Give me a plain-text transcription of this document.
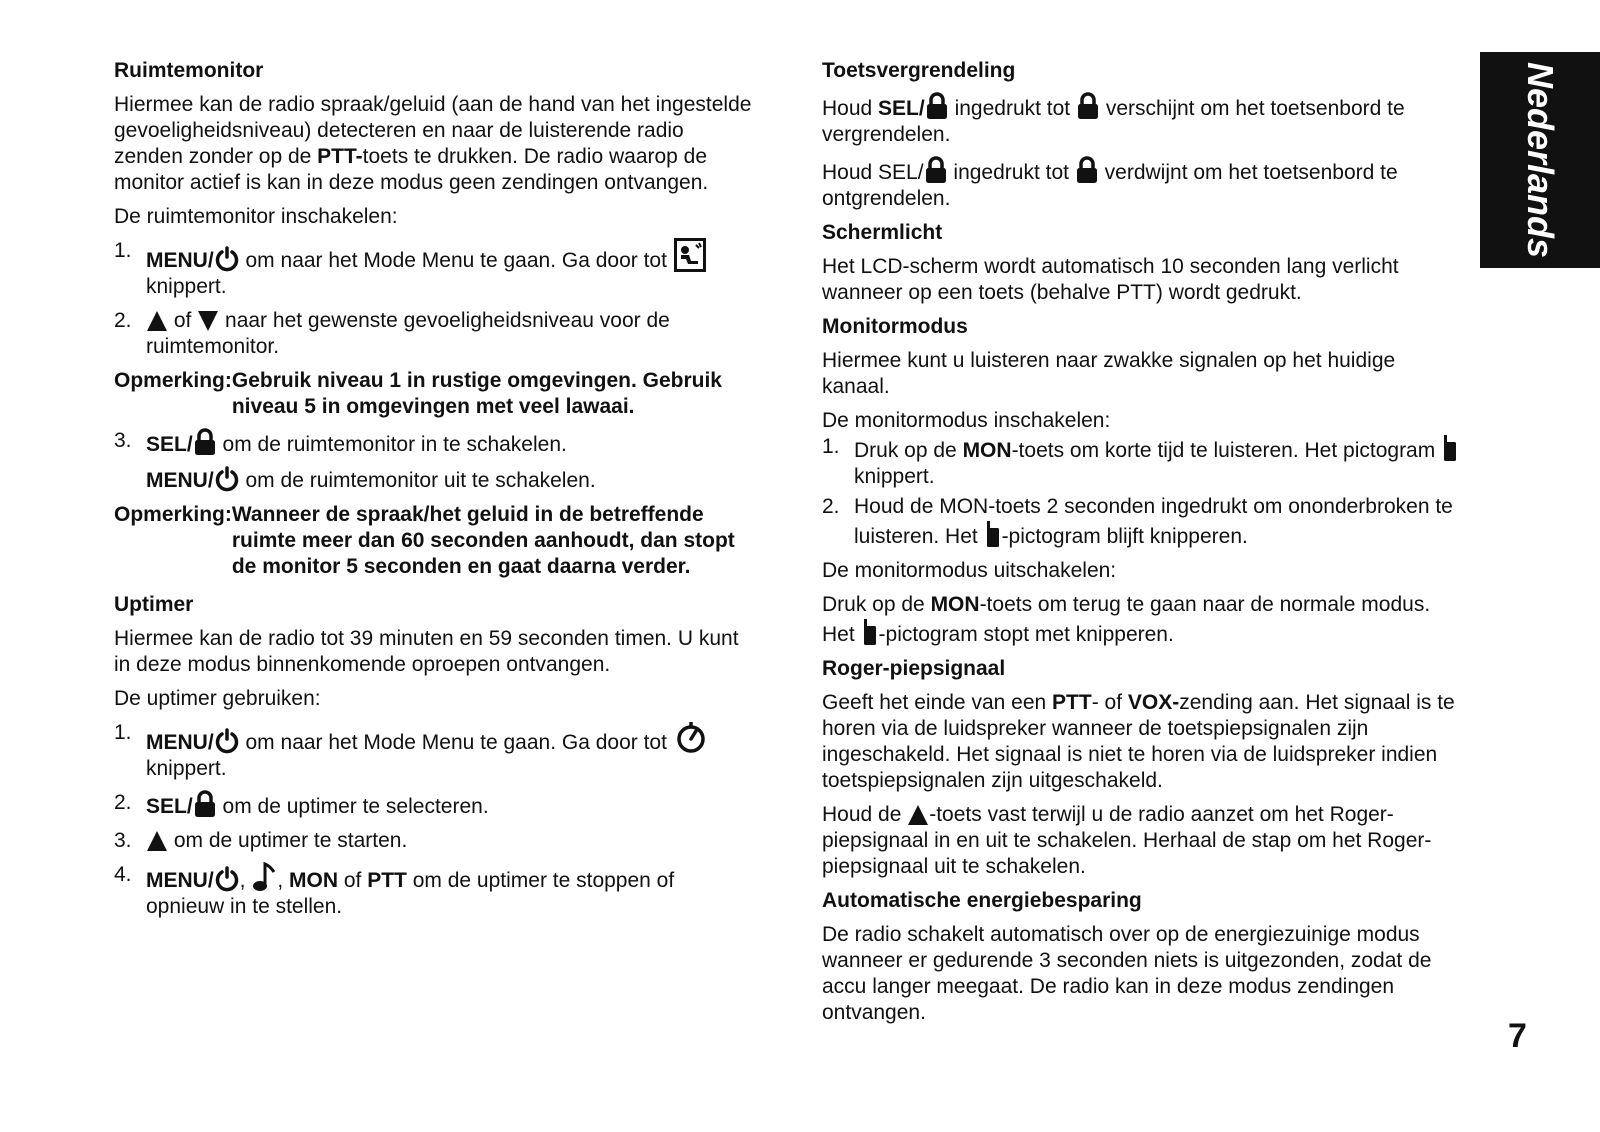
Ruimtemonitor

Hiermee kan de radio spraak/geluid (aan de hand van het ingestelde gevoeligheidsniveau) detecteren en naar de luisterende radio zenden zonder op de PTT-toets te drukken. De radio waarop de monitor actief is kan in deze modus geen zendingen ontvangen.

De ruimtemonitor inschakelen:

1. MENU/
om naar het Mode Menu te gaan. Ga door tot

knippert.
2. of
naar het gewenste gevoeligheidsniveau voor de ruimtemonitor.
Opmerking: Gebruik niveau 1 in rustige omgevingen. Gebruik niveau 5 in omgevingen met veel lawaai.
3. SEL/
om de ruimtemonitor in te schakelen.
MENU/
om de ruimtemonitor uit te schakelen.
Opmerking: Wanneer de spraak/het geluid in de betreffende ruimte meer dan 60 seconden aanhoudt, dan stopt de monitor 5 seconden en gaat daarna verder.
Uptimer

Hiermee kan de radio tot 39 minuten en 59 seconden timen. U kunt in deze modus binnenkomende oproepen ontvangen.

De uptimer gebruiken:

1. MENU/
om naar het Mode Menu te gaan. Ga door tot

knippert.
2. SEL/
om de uptimer te selecteren.
3. om de uptimer te starten.
4. MENU/ ,
, MON of PTT om de uptimer te stoppen of opnieuw in te stellen.
Toetsvergrendeling

Houd SEL/
ingedrukt tot
verschijnt om het toetsenbord te vergrendelen.

Houd SEL/
ingedrukt tot
verdwijnt om het toetsenbord te ontgrendelen.

Schermlicht

Het LCD-scherm wordt automatisch 10 seconden lang verlicht wanneer op een toets (behalve PTT) wordt gedrukt.

Monitormodus

Hiermee kunt u luisteren naar zwakke signalen op het huidige kanaal.

De monitormodus inschakelen:

1. Druk op de MON-toets om korte tijd te luisteren. Het pictogram
knippert.
2. Houd de MON-toets 2 seconden ingedrukt om ononderbroken te luisteren. Het
-pictogram blijft knipperen.

De monitormodus uitschakelen:

Druk op de MON-toets om terug te gaan naar de normale modus. Het
-pictogram stopt met knipperen.

Roger-piepsignaal

Geeft het einde van een PTT- of VOX-zending aan. Het signaal is te horen via de luidspreker wanneer de toetspiepsignalen zijn ingeschakeld. Het signaal is niet te horen via de luidspreker indien toetspiepsignalen zijn uitgeschakeld.

Houd de
-toets vast terwijl u de radio aanzet om het Roger-piepsignaal in en uit te schakelen. Herhaal de stap om het Roger-piepsignaal uit te schakelen.

Automatische energiebesparing

De radio schakelt automatisch over op de energiezuinige modus wanneer er gedurende 3 seconden niets is uitgezonden, zodat de accu langer meegaat. De radio kan in deze modus zendingen ontvangen.

Nederlands
7
